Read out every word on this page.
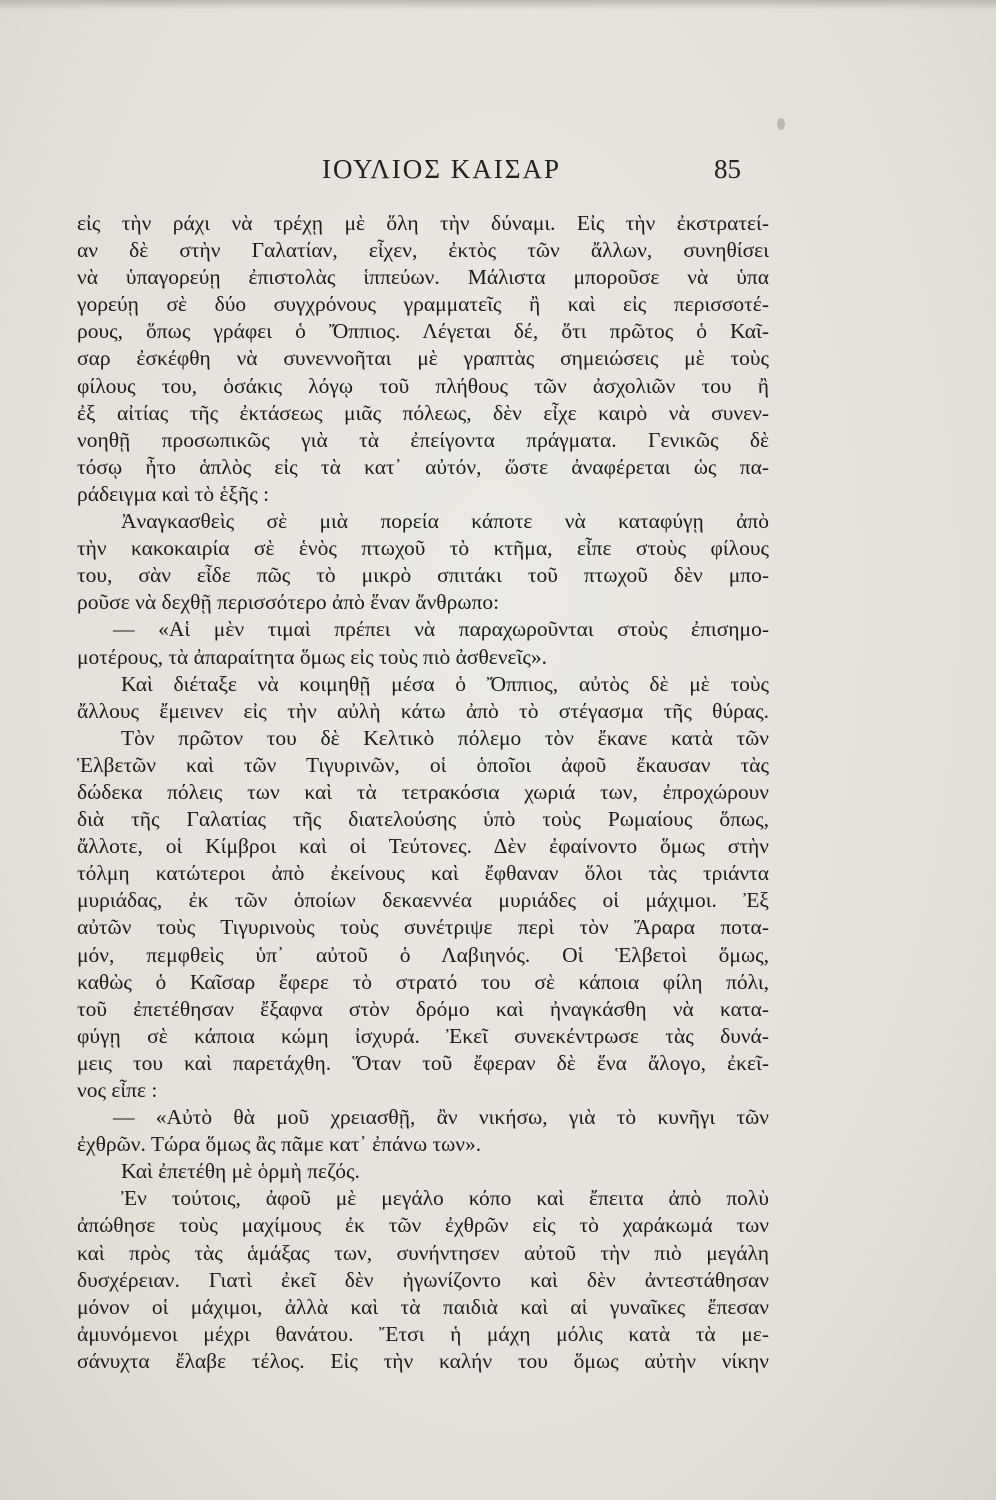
ΙΟΥΛΙΟΣ ΚΑΙΣΑΡ	85
εἰς τὴν ράχι νὰ τρέχῃ μὲ ὅλη τὴν δύναμι. Εἰς τὴν ἐκστρατεί-
αν δὲ στὴν Γαλατίαν, εἶχεν, ἐκτὸς τῶν ἄλλων, συνηθίσει
νὰ ὑπαγορεύῃ ἐπιστολὰς ἱππεύων. Μάλιστα μποροῦσε νὰ ὑπα
γορεύῃ σὲ δύο συγχρόνους γραμματεῖς ἢ καὶ εἰς περισσοτέ-
ρους, ὅπως γράφει ὁ Ὄππιος. Λέγεται δέ, ὅτι πρῶτος ὁ Καῖ-
σαρ ἐσκέφθη νὰ συνεννοῆται μὲ γραπτὰς σημειώσεις μὲ τοὺς
φίλους του, ὁσάκις λόγῳ τοῦ πλήθους τῶν ἀσχολιῶν του ἢ
ἐξ αἰτίας τῆς ἐκτάσεως μιᾶς πόλεως, δὲν εἶχε καιρὸ νὰ συνεν-
νοηθῇ προσωπικῶς γιὰ τὰ ἐπείγοντα πράγματα. Γενικῶς δὲ
τόσῳ ἦτο ἁπλὸς εἰς τὰ κατ᾽ αὐτόν, ὥστε ἀναφέρεται ὡς πα-
ράδειγμα καὶ τὸ ἑξῆς :
Ἀναγκασθεὶς σὲ μιὰ πορεία κάποτε νὰ καταφύγῃ ἀπὸ
τὴν κακοκαιρία σὲ ἑνὸς πτωχοῦ τὸ κτῆμα, εἶπε στοὺς φίλους
του, σὰν εἶδε πῶς τὸ μικρὸ σπιτάκι τοῦ πτωχοῦ δὲν μπο-
ροῦσε νὰ δεχθῇ περισσότερο ἀπὸ ἕναν ἄνθρωπο:
— «Αἱ μὲν τιμαὶ πρέπει νὰ παραχωροῦνται στοὺς ἐπισημο-
μοτέρους, τὰ ἀπαραίτητα ὅμως εἰς τοὺς πιὸ ἀσθενεῖς».
Καὶ διέταξε νὰ κοιμηθῇ μέσα ὁ Ὄππιος, αὐτὸς δὲ μὲ τοὺς
ἄλλους ἔμεινεν εἰς τὴν αὐλὴ κάτω ἀπὸ τὸ στέγασμα τῆς θύρας.
Τὸν πρῶτον του δὲ Κελτικὸ πόλεμο τὸν ἔκανε κατὰ τῶν
Ἑλβετῶν καὶ τῶν Τιγυρινῶν, οἱ ὁποῖοι ἀφοῦ ἔκαυσαν τὰς
δώδεκα πόλεις των καὶ τὰ τετρακόσια χωριά των, ἐπροχώρουν
διὰ τῆς Γαλατίας τῆς διατελούσης ὑπὸ τοὺς Ρωμαίους ὅπως,
ἄλλοτε, οἱ Κίμβροι καὶ οἱ Τεύτονες. Δὲν ἐφαίνοντο ὅμως στὴν
τόλμη κατώτεροι ἀπὸ ἐκείνους καὶ ἔφθαναν ὅλοι τὰς τριάντα
μυριάδας, ἐκ τῶν ὁποίων δεκαεννέα μυριάδες οἱ μάχιμοι. Ἐξ
αὐτῶν τοὺς Τιγυρινοὺς τοὺς συνέτριψε περὶ τὸν Ἄραρα ποτα-
μόν, πεμφθεὶς ὑπ᾽ αὐτοῦ ὁ Λαβιηνός. Οἱ Ἑλβετοὶ ὅμως,
καθὼς ὁ Καῖσαρ ἔφερε τὸ στρατό του σὲ κάποια φίλη πόλι,
τοῦ ἐπετέθησαν ἔξαφνα στὸν δρόμο καὶ ἠναγκάσθη νὰ κατα-
φύγῃ σὲ κάποια κώμη ἰσχυρά. Ἐκεῖ συνεκέντρωσε τὰς δυνά-
μεις του καὶ παρετάχθη. Ὅταν τοῦ ἔφεραν δὲ ἕνα ἄλογο, ἐκεῖ-
νος εἶπε :
— «Αὐτὸ θὰ μοῦ χρειασθῇ, ἂν νικήσω, γιὰ τὸ κυνῆγι τῶν
ἐχθρῶν. Τώρα ὅμως ἂς πᾶμε κατ᾽ ἐπάνω των».
Καὶ ἐπετέθη μὲ ὁρμὴ πεζός.
Ἐν τούτοις, ἀφοῦ μὲ μεγάλο κόπο καὶ ἔπειτα ἀπὸ πολὺ
ἀπώθησε τοὺς μαχίμους ἐκ τῶν ἐχθρῶν εἰς τὸ χαράκωμά των
καὶ πρὸς τὰς ἁμάξας των, συνήντησεν αὐτοῦ τὴν πιὸ μεγάλη
δυσχέρειαν. Γιατὶ ἐκεῖ δὲν ἠγωνίζοντο καὶ δὲν ἀντεστάθησαν
μόνον οἱ μάχιμοι, ἀλλὰ καὶ τὰ παιδιὰ καὶ αἱ γυναῖκες ἔπεσαν
ἀμυνόμενοι μέχρι θανάτου. Ἔτσι ἡ μάχη μόλις κατὰ τὰ με-
σάνυχτα ἔλαβε τέλος. Εἰς τὴν καλήν του ὅμως αὐτὴν νίκην
